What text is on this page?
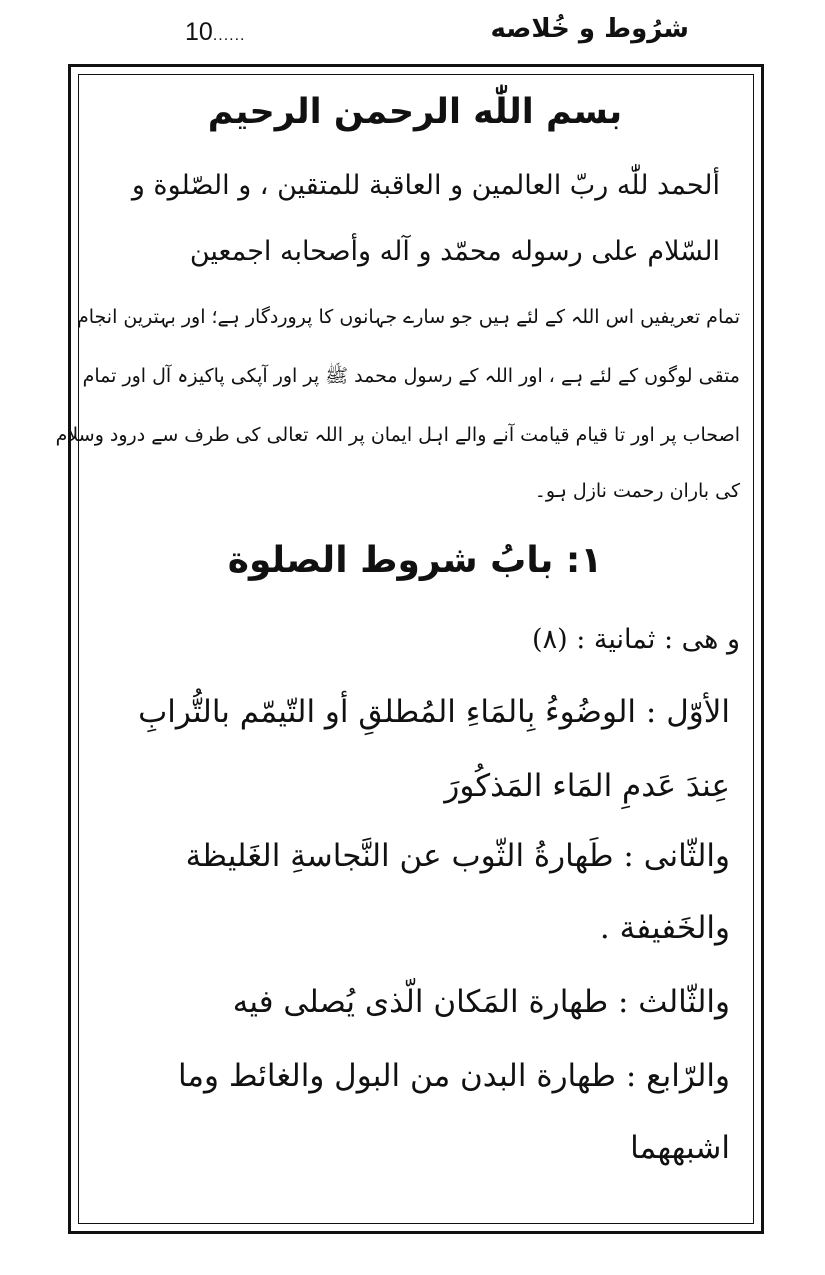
10......	شرُوط و خُلاصه
بسم اللّٰه الرحمن الرحيم
ألحمد للّٰه ربّ العالمين و العاقبة للمتقين ، و الصّلوة و
السّلام على رسوله محمّد و آله وأصحابه اجمعين
تمام تعریفیں اس اللہ کے لئے ہیں جو سارے جہانوں کا پروردگار ہے؛ اور بہترین انجام
متقی لوگوں کے لئے ہے ، اور اللہ کے رسول محمد ﷺ پر اور آپکی پاکیزہ آل اور تمام
اصحاب پر اور تا قیام قیامت آنے والے اہل ایمان پر اللہ تعالی کی طرف سے درود وسلام
کی باران رحمت نازل ہو۔
١: بابُ شروط الصلوة
و هى : ثمانية : (٨)
الأوّل : الوضُوءُ بِالمَاءِ المُطلقِ أو التّيمّم بالتُّرابِ
عِندَ عَدمِ المَاء المَذكُورَ
والثّانى : طَهارةُ الثّوب عن النَّجاسةِ الغَليظة
والخَفيفة .
والثّالث : طهارة المَكان الّذى يُصلى فيه
والرّابع : طهارة البدن من البول والغائط وما
اشبههما
